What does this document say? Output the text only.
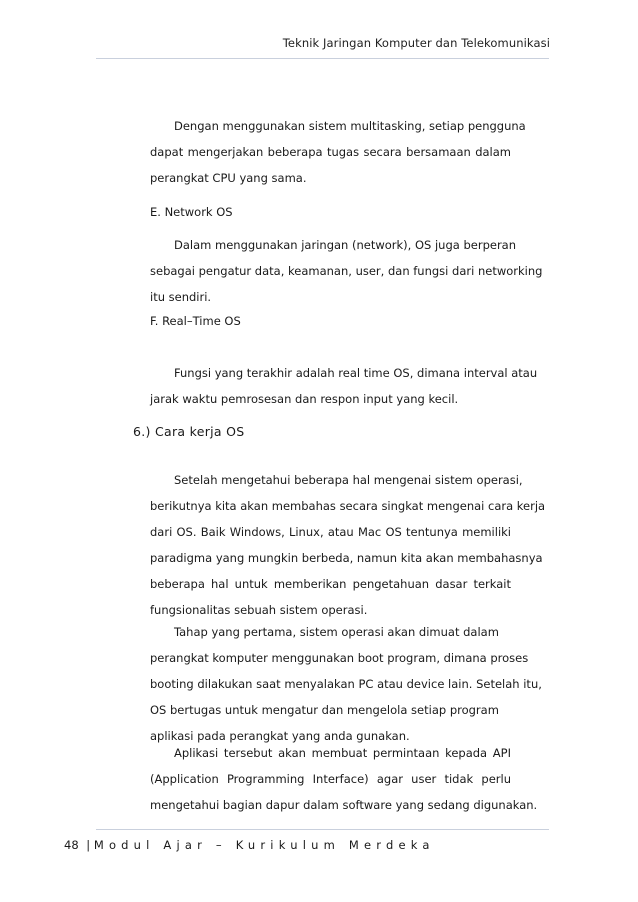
Teknik Jaringan Komputer dan Telekomunikasi
Dengan menggunakan sistem multitasking, setiap pengguna
dapat mengerjakan beberapa tugas secara bersamaan dalam
perangkat CPU yang sama.
E. Network OS
Dalam menggunakan jaringan (network), OS juga berperan
sebagai pengatur data, keamanan, user, dan fungsi dari networking
itu sendiri.
F. Real–Time OS
Fungsi yang terakhir adalah real time OS, dimana interval atau
jarak waktu pemrosesan dan respon input yang kecil.
6.) Cara kerja OS
Setelah mengetahui beberapa hal mengenai sistem operasi,
berikutnya kita akan membahas secara singkat mengenai cara kerja
dari OS. Baik Windows, Linux, atau Mac OS tentunya memiliki
paradigma yang mungkin berbeda, namun kita akan membahasnya
beberapa hal untuk memberikan pengetahuan dasar terkait
fungsionalitas sebuah sistem operasi.
Tahap yang pertama, sistem operasi akan dimuat dalam
perangkat komputer menggunakan boot program, dimana proses
booting dilakukan saat menyalakan PC atau device lain. Setelah itu,
OS bertugas untuk mengatur dan mengelola setiap program
aplikasi pada perangkat yang anda gunakan.
Aplikasi tersebut akan membuat permintaan kepada API
(Application Programming Interface) agar user tidak perlu
mengetahui bagian dapur dalam software yang sedang digunakan.
48 | Modul Ajar – Kurikulum Merdeka
